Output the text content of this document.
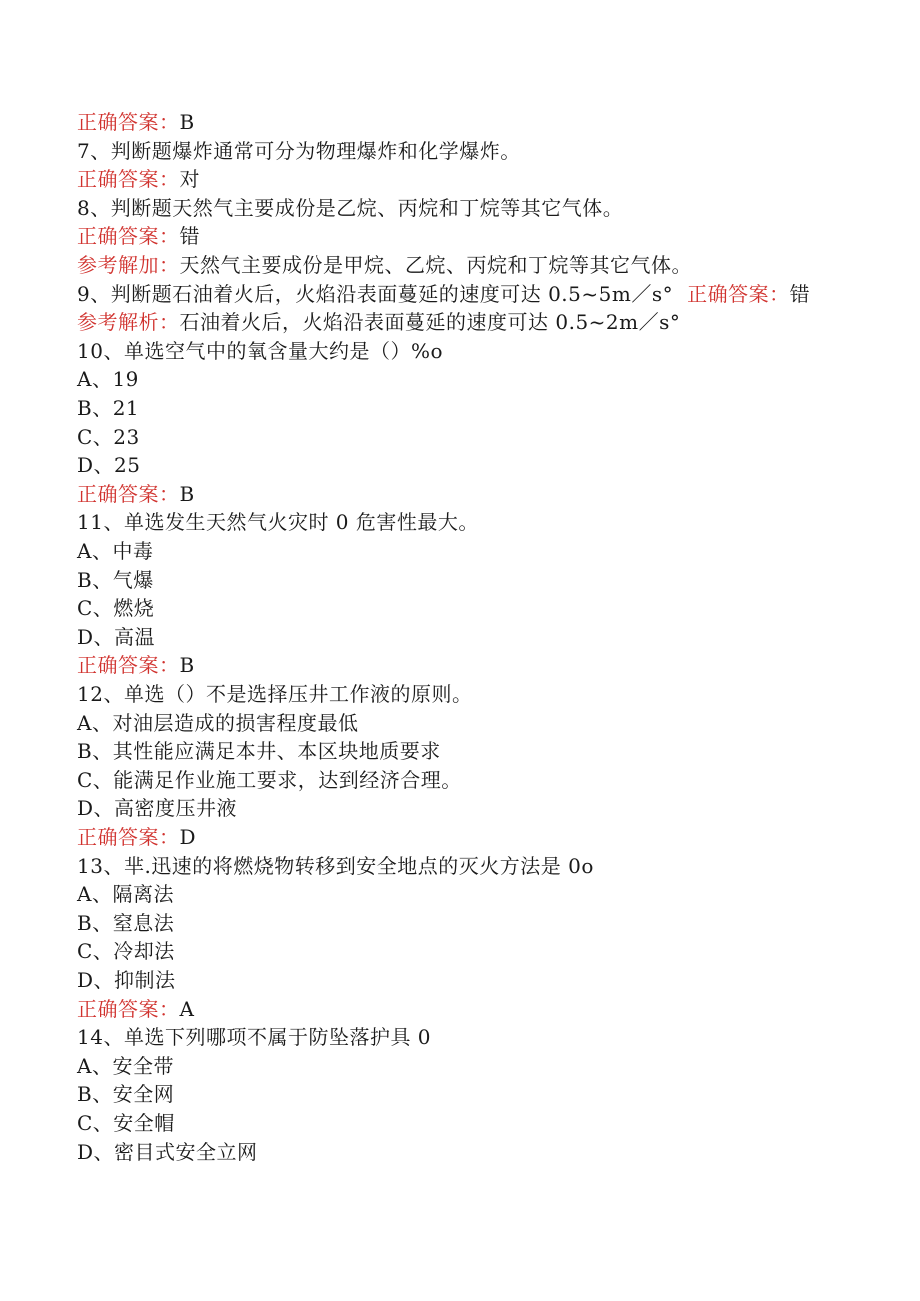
正确答案：B
7、判断题爆炸通常可分为物理爆炸和化学爆炸。
正确答案：对
8、判断题天然气主要成份是乙烷、丙烷和丁烷等其它气体。
正确答案：错
参考解加：天然气主要成份是甲烷、乙烷、丙烷和丁烷等其它气体。
9、判断题石油着火后，火焰沿表面蔓延的速度可达 0.5~5m／s° 正确答案：错
参考解析：石油着火后，火焰沿表面蔓延的速度可达 0.5~2m／s°
10、单选空气中的氧含量大约是（）%o
A、19
B、21
C、23
D、25
正确答案：B
11、单选发生天然气火灾时 0 危害性最大。
A、中毒
B、气爆
C、燃烧
D、高温
正确答案：B
12、单选（）不是选择压井工作液的原则。
A、对油层造成的损害程度最低
B、其性能应满足本井、本区块地质要求
C、能满足作业施工要求，达到经济合理。
D、高密度压井液
正确答案：D
13、芈.迅速的将燃烧物转移到安全地点的灭火方法是 0o
A、隔离法
B、窒息法
C、冷却法
D、抑制法
正确答案：A
14、单选下列哪项不属于防坠落护具 0
A、安全带
B、安全网
C、安全帽
D、密目式安全立网
